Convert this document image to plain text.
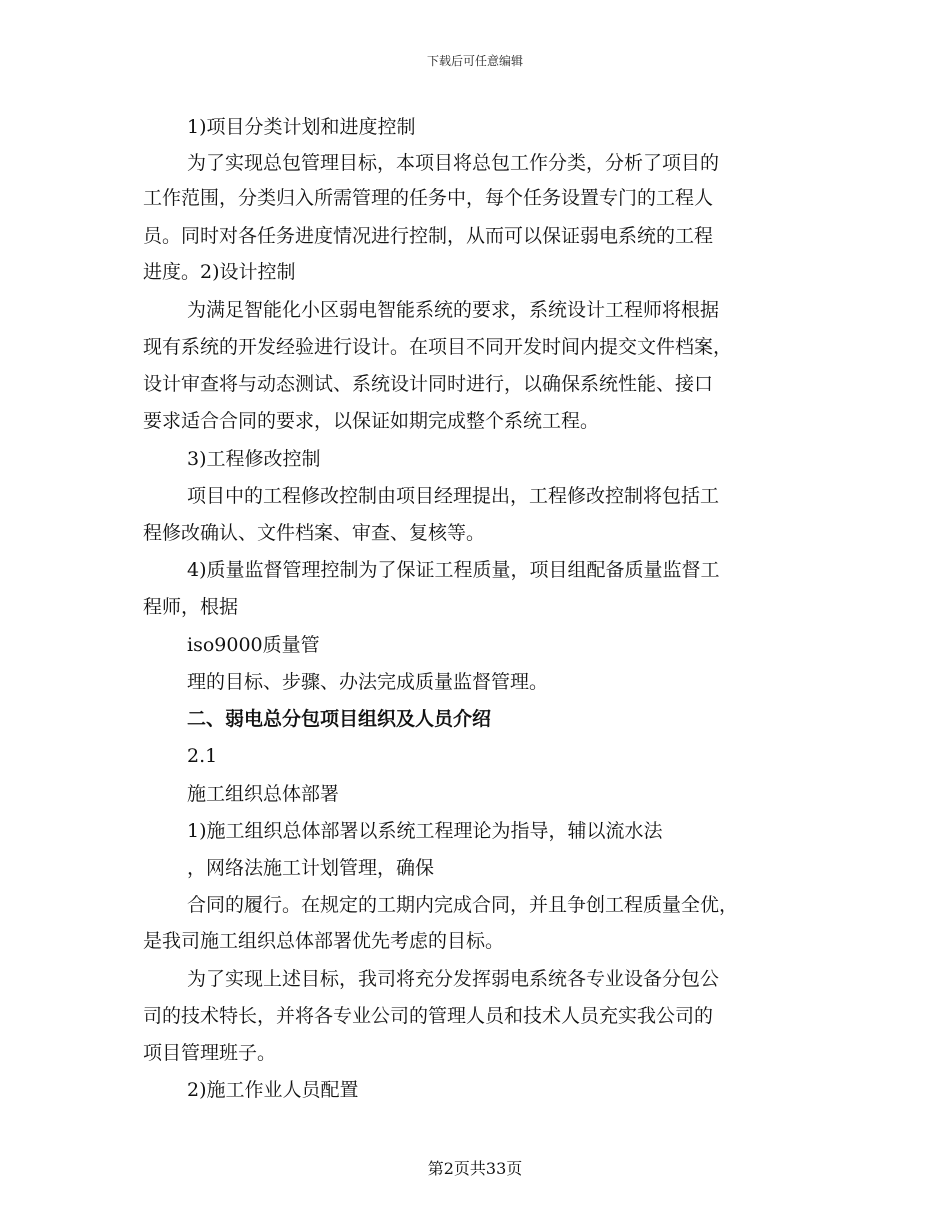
下载后可任意编辑
1)项目分类计划和进度控制
为了实现总包管理目标，本项目将总包工作分类，分析了项目的
工作范围，分类归入所需管理的任务中，每个任务设置专门的工程人
员。同时对各任务进度情况进行控制，从而可以保证弱电系统的工程
进度。2)设计控制
为满足智能化小区弱电智能系统的要求，系统设计工程师将根据
现有系统的开发经验进行设计。在项目不同开发时间内提交文件档案，
设计审查将与动态测试、系统设计同时进行，以确保系统性能、接口
要求适合合同的要求，以保证如期完成整个系统工程。
3)工程修改控制
项目中的工程修改控制由项目经理提出，工程修改控制将包括工
程修改确认、文件档案、审查、复核等。
4)质量监督管理控制为了保证工程质量，项目组配备质量监督工
程师，根据
iso9000质量管
理的目标、步骤、办法完成质量监督管理。
二、弱电总分包项目组织及人员介绍
2.1
施工组织总体部署
1)施工组织总体部署以系统工程理论为指导，辅以流水法
，网络法施工计划管理，确保
合同的履行。在规定的工期内完成合同，并且争创工程质量全优，
是我司施工组织总体部署优先考虑的目标。
为了实现上述目标，我司将充分发挥弱电系统各专业设备分包公
司的技术特长，并将各专业公司的管理人员和技术人员充实我公司的
项目管理班子。
2)施工作业人员配置
第2页共33页
